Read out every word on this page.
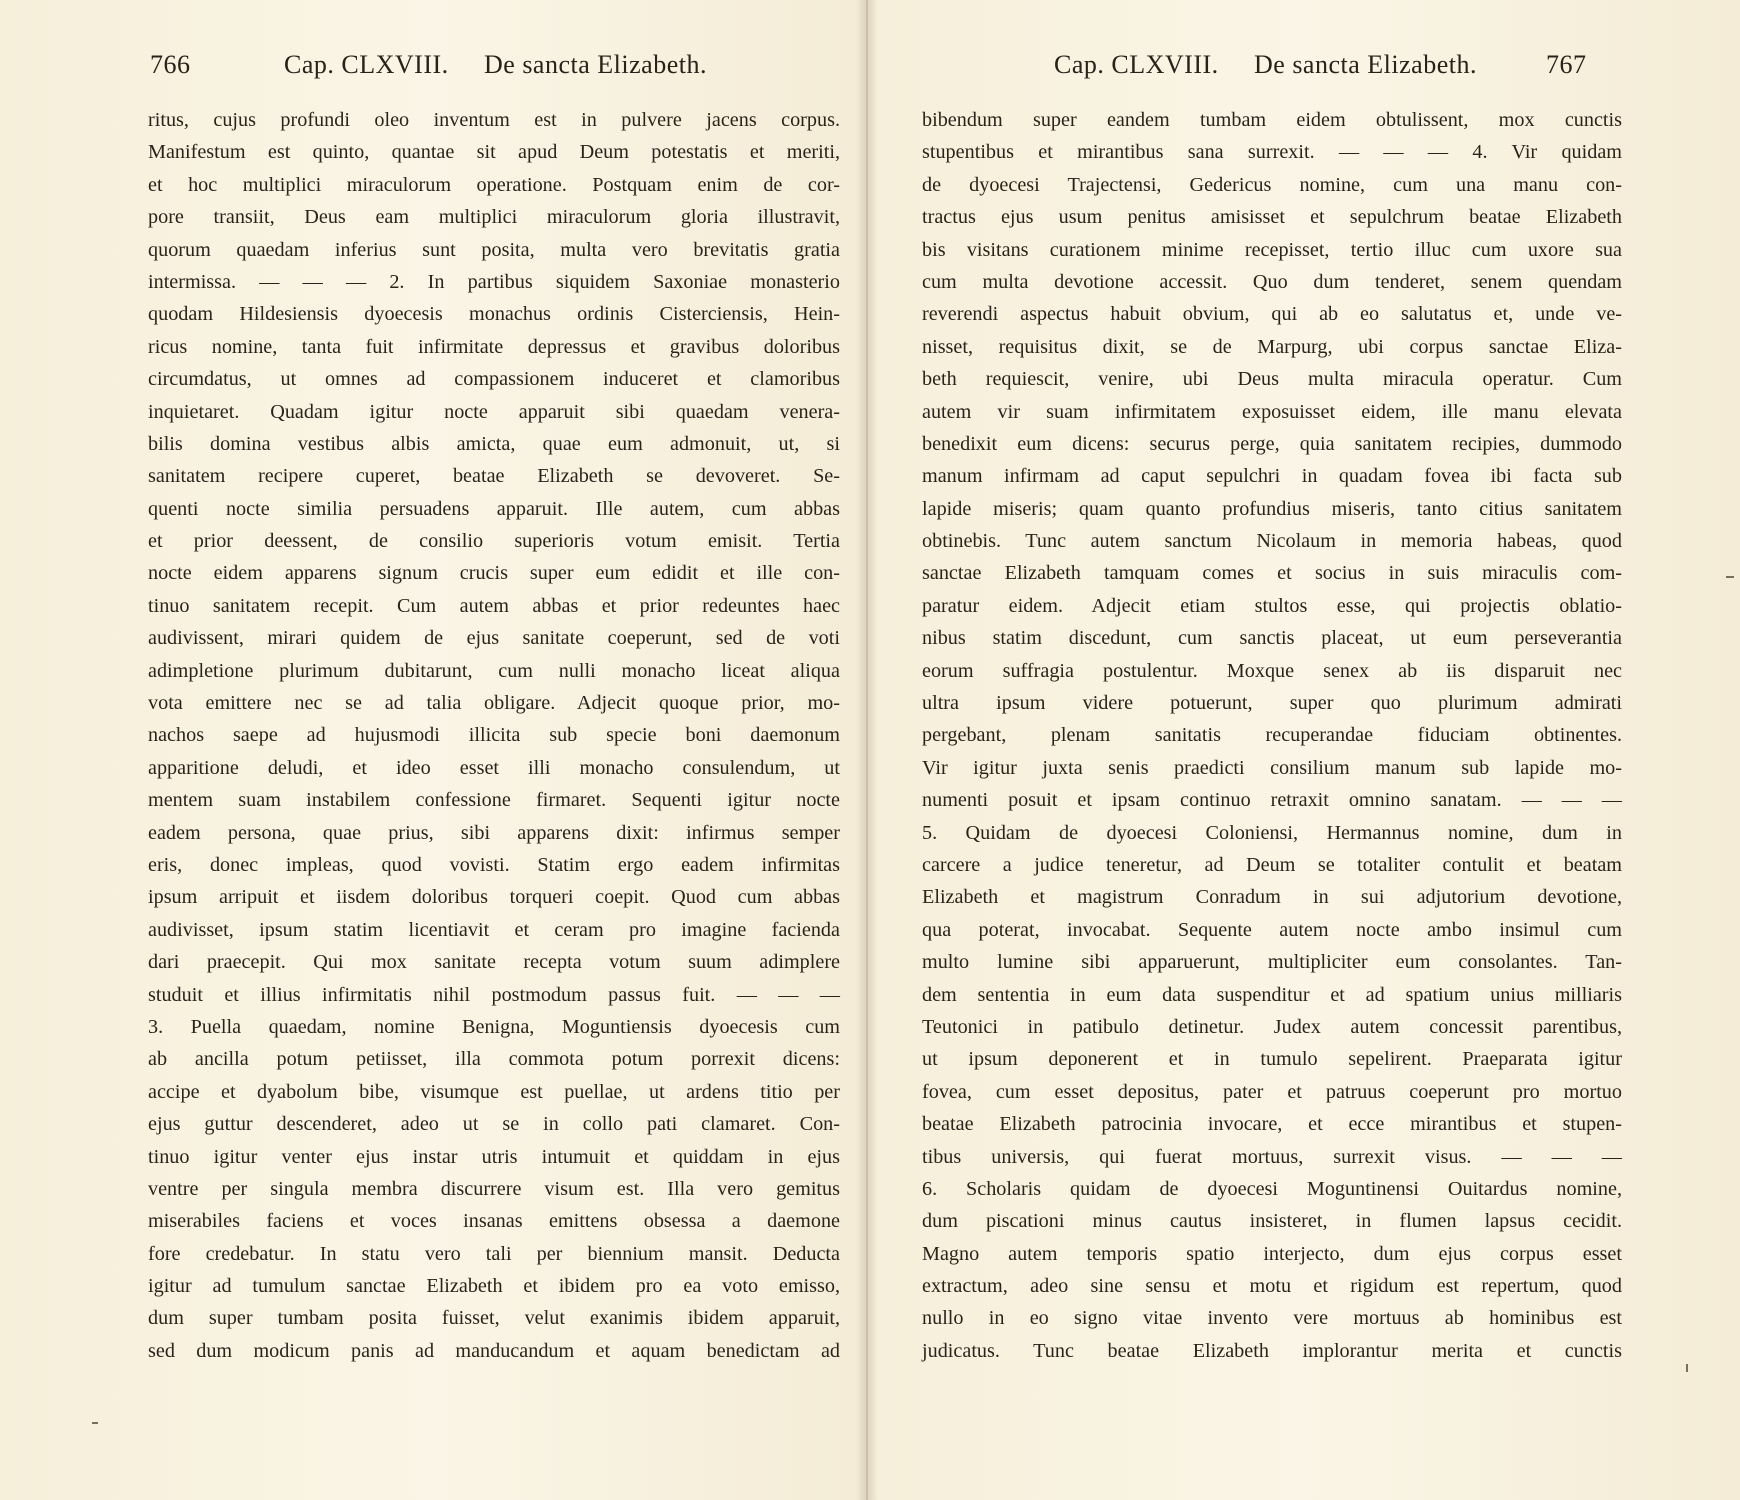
766	Cap. CLXVIII. De sancta Elizabeth.
ritus, cujus profundi oleo inventum est in pulvere jacens corpus.
Manifestum est quinto, quantae sit apud Deum potestatis et meriti,
et hoc multiplici miraculorum operatione. Postquam enim de cor-
pore transiit, Deus eam multiplici miraculorum gloria illustravit,
quorum quaedam inferius sunt posita, multa vero brevitatis gratia
intermissa. — — — 2. In partibus siquidem Saxoniae monasterio
quodam Hildesiensis dyoecesis monachus ordinis Cisterciensis, Hein-
ricus nomine, tanta fuit infirmitate depressus et gravibus doloribus
circumdatus, ut omnes ad compassionem induceret et clamoribus
inquietaret. Quadam igitur nocte apparuit sibi quaedam venera-
bilis domina vestibus albis amicta, quae eum admonuit, ut, si
sanitatem recipere cuperet, beatae Elizabeth se devoveret. Se-
quenti nocte similia persuadens apparuit. Ille autem, cum abbas
et prior deessent, de consilio superioris votum emisit. Tertia
nocte eidem apparens signum crucis super eum edidit et ille con-
tinuo sanitatem recepit. Cum autem abbas et prior redeuntes haec
audivissent, mirari quidem de ejus sanitate coeperunt, sed de voti
adimpletione plurimum dubitarunt, cum nulli monacho liceat aliqua
vota emittere nec se ad talia obligare. Adjecit quoque prior, mo-
nachos saepe ad hujusmodi illicita sub specie boni daemonum
apparitione deludi, et ideo esset illi monacho consulendum, ut
mentem suam instabilem confessione firmaret. Sequenti igitur nocte
eadem persona, quae prius, sibi apparens dixit: infirmus semper
eris, donec impleas, quod vovisti. Statim ergo eadem infirmitas
ipsum arripuit et iisdem doloribus torqueri coepit. Quod cum abbas
audivisset, ipsum statim licentiavit et ceram pro imagine facienda
dari praecepit. Qui mox sanitate recepta votum suum adimplere
studuit et illius infirmitatis nihil postmodum passus fuit. — — —
3. Puella quaedam, nomine Benigna, Moguntiensis dyoecesis cum
ab ancilla potum petiisset, illa commota potum porrexit dicens:
accipe et dyabolum bibe, visumque est puellae, ut ardens titio per
ejus guttur descenderet, adeo ut se in collo pati clamaret. Con-
tinuo igitur venter ejus instar utris intumuit et quiddam in ejus
ventre per singula membra discurrere visum est. Illa vero gemitus
miserabiles faciens et voces insanas emittens obsessa a daemone
fore credebatur. In statu vero tali per biennium mansit. Deducta
igitur ad tumulum sanctae Elizabeth et ibidem pro ea voto emisso,
dum super tumbam posita fuisset, velut exanimis ibidem apparuit,
sed dum modicum panis ad manducandum et aquam benedictam ad
Cap. CLXVIII. De sancta Elizabeth.	767
bibendum super eandem tumbam eidem obtulissent, mox cunctis
stupentibus et mirantibus sana surrexit. — — — 4. Vir quidam
de dyoecesi Trajectensi, Gedericus nomine, cum una manu con-
tractus ejus usum penitus amisisset et sepulchrum beatae Elizabeth
bis visitans curationem minime recepisset, tertio illuc cum uxore sua
cum multa devotione accessit. Quo dum tenderet, senem quendam
reverendi aspectus habuit obvium, qui ab eo salutatus et, unde ve-
nisset, requisitus dixit, se de Marpurg, ubi corpus sanctae Eliza-
beth requiescit, venire, ubi Deus multa miracula operatur. Cum
autem vir suam infirmitatem exposuisset eidem, ille manu elevata
benedixit eum dicens: securus perge, quia sanitatem recipies, dummodo
manum infirmam ad caput sepulchri in quadam fovea ibi facta sub
lapide miseris; quam quanto profundius miseris, tanto citius sanitatem
obtinebis. Tunc autem sanctum Nicolaum in memoria habeas, quod
sanctae Elizabeth tamquam comes et socius in suis miraculis com-
paratur eidem. Adjecit etiam stultos esse, qui projectis oblatio-
nibus statim discedunt, cum sanctis placeat, ut eum perseverantia
eorum suffragia postulentur. Moxque senex ab iis disparuit nec
ultra ipsum videre potuerunt, super quo plurimum admirati
pergebant, plenam sanitatis recuperandae fiduciam obtinentes.
Vir igitur juxta senis praedicti consilium manum sub lapide mo-
numenti posuit et ipsam continuo retraxit omnino sanatam. — — —
5. Quidam de dyoecesi Coloniensi, Hermannus nomine, dum in
carcere a judice teneretur, ad Deum se totaliter contulit et beatam
Elizabeth et magistrum Conradum in sui adjutorium devotione,
qua poterat, invocabat. Sequente autem nocte ambo insimul cum
multo lumine sibi apparuerunt, multipliciter eum consolantes. Tan-
dem sententia in eum data suspenditur et ad spatium unius milliaris
Teutonici in patibulo detinetur. Judex autem concessit parentibus,
ut ipsum deponerent et in tumulo sepelirent. Praeparata igitur
fovea, cum esset depositus, pater et patruus coeperunt pro mortuo
beatae Elizabeth patrocinia invocare, et ecce mirantibus et stupen-
tibus universis, qui fuerat mortuus, surrexit visus. — — —
6. Scholaris quidam de dyoecesi Moguntinensi Ouitardus nomine,
dum piscationi minus cautus insisteret, in flumen lapsus cecidit.
Magno autem temporis spatio interjecto, dum ejus corpus esset
extractum, adeo sine sensu et motu et rigidum est repertum, quod
nullo in eo signo vitae invento vere mortuus ab hominibus est
judicatus. Tunc beatae Elizabeth implorantur merita et cunctis
